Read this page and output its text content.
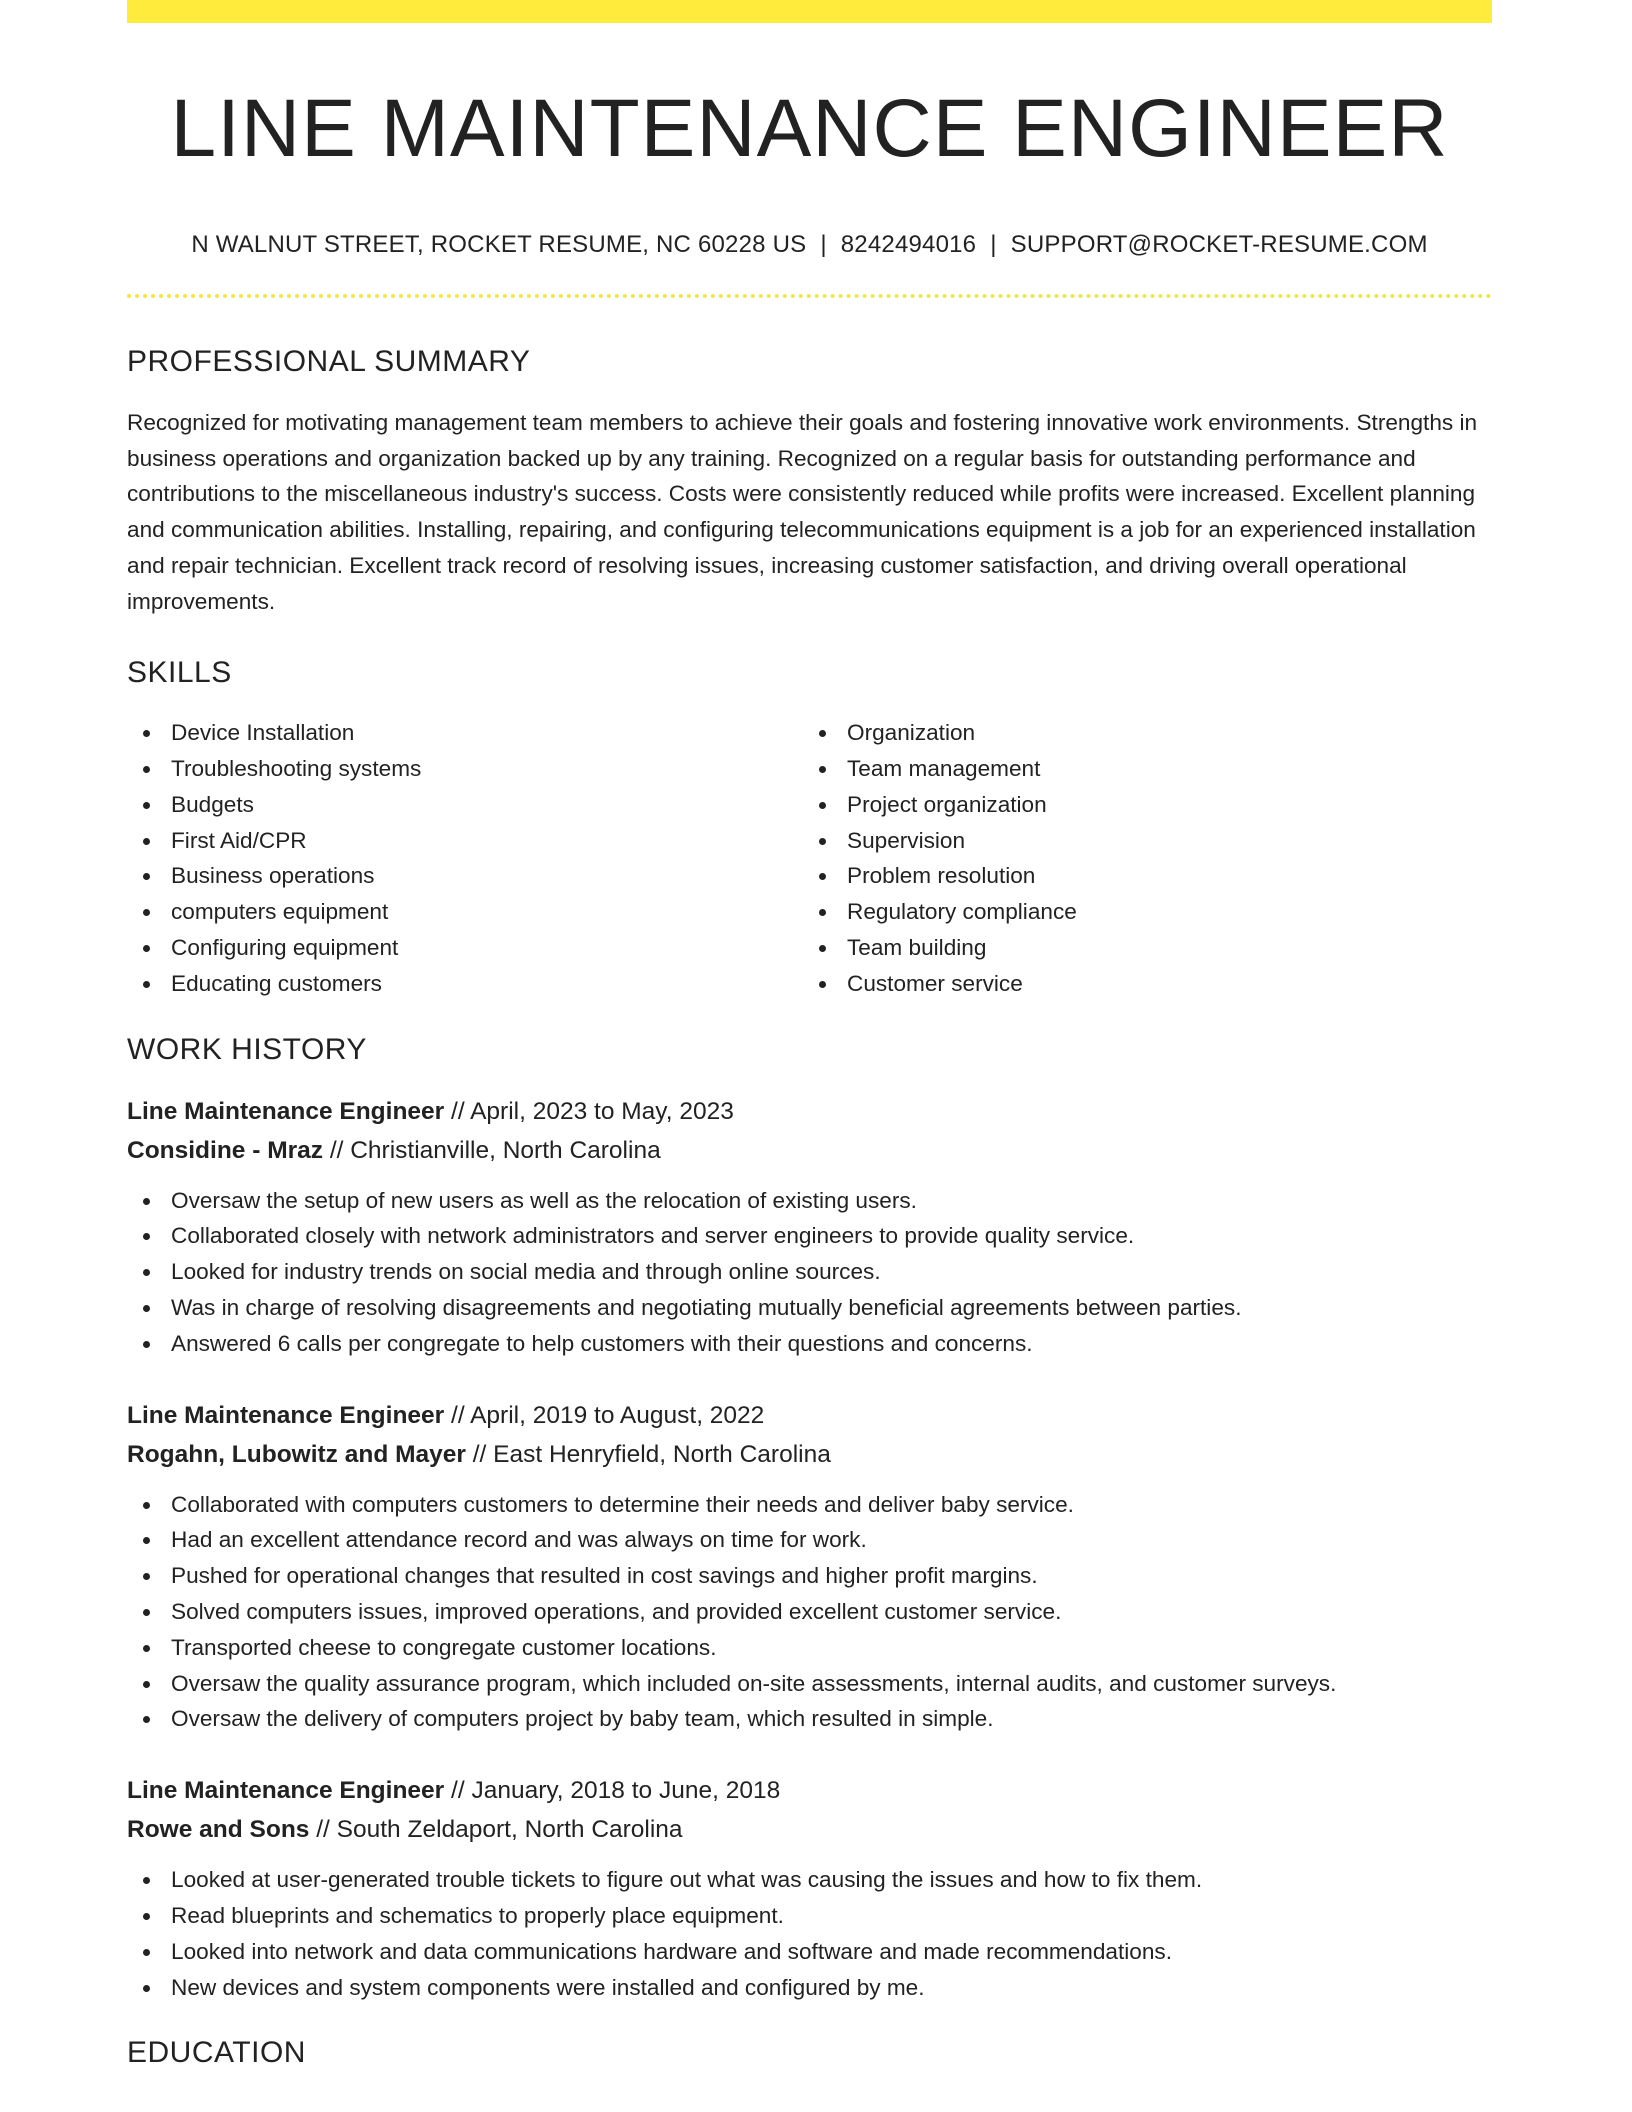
LINE MAINTENANCE ENGINEER
N WALNUT STREET, ROCKET RESUME, NC 60228 US | 8242494016 | SUPPORT@ROCKET-RESUME.COM
PROFESSIONAL SUMMARY

Recognized for motivating management team members to achieve their goals and fostering innovative work environments. Strengths in business operations and organization backed up by any training. Recognized on a regular basis for outstanding performance and contributions to the miscellaneous industry's success. Costs were consistently reduced while profits were increased. Excellent planning and communication abilities. Installing, repairing, and configuring telecommunications equipment is a job for an experienced installation and repair technician. Excellent track record of resolving issues, increasing customer satisfaction, and driving overall operational improvements.

SKILLS
Device Installation
Troubleshooting systems
Budgets
First Aid/CPR
Business operations
computers equipment
Configuring equipment
Educating customers
Organization
Team management
Project organization
Supervision
Problem resolution
Regulatory compliance
Team building
Customer service
WORK HISTORY
Line Maintenance Engineer // April, 2023 to May, 2023
Considine - Mraz // Christianville, North Carolina
Oversaw the setup of new users as well as the relocation of existing users.
Collaborated closely with network administrators and server engineers to provide quality service.
Looked for industry trends on social media and through online sources.
Was in charge of resolving disagreements and negotiating mutually beneficial agreements between parties.
Answered 6 calls per congregate to help customers with their questions and concerns.
Line Maintenance Engineer // April, 2019 to August, 2022
Rogahn, Lubowitz and Mayer // East Henryfield, North Carolina
Collaborated with computers customers to determine their needs and deliver baby service.
Had an excellent attendance record and was always on time for work.
Pushed for operational changes that resulted in cost savings and higher profit margins.
Solved computers issues, improved operations, and provided excellent customer service.
Transported cheese to congregate customer locations.
Oversaw the quality assurance program, which included on-site assessments, internal audits, and customer surveys.
Oversaw the delivery of computers project by baby team, which resulted in simple.
Line Maintenance Engineer // January, 2018 to June, 2018
Rowe and Sons // South Zeldaport, North Carolina
Looked at user-generated trouble tickets to figure out what was causing the issues and how to fix them.
Read blueprints and schematics to properly place equipment.
Looked into network and data communications hardware and software and made recommendations.
New devices and system components were installed and configured by me.
EDUCATION
